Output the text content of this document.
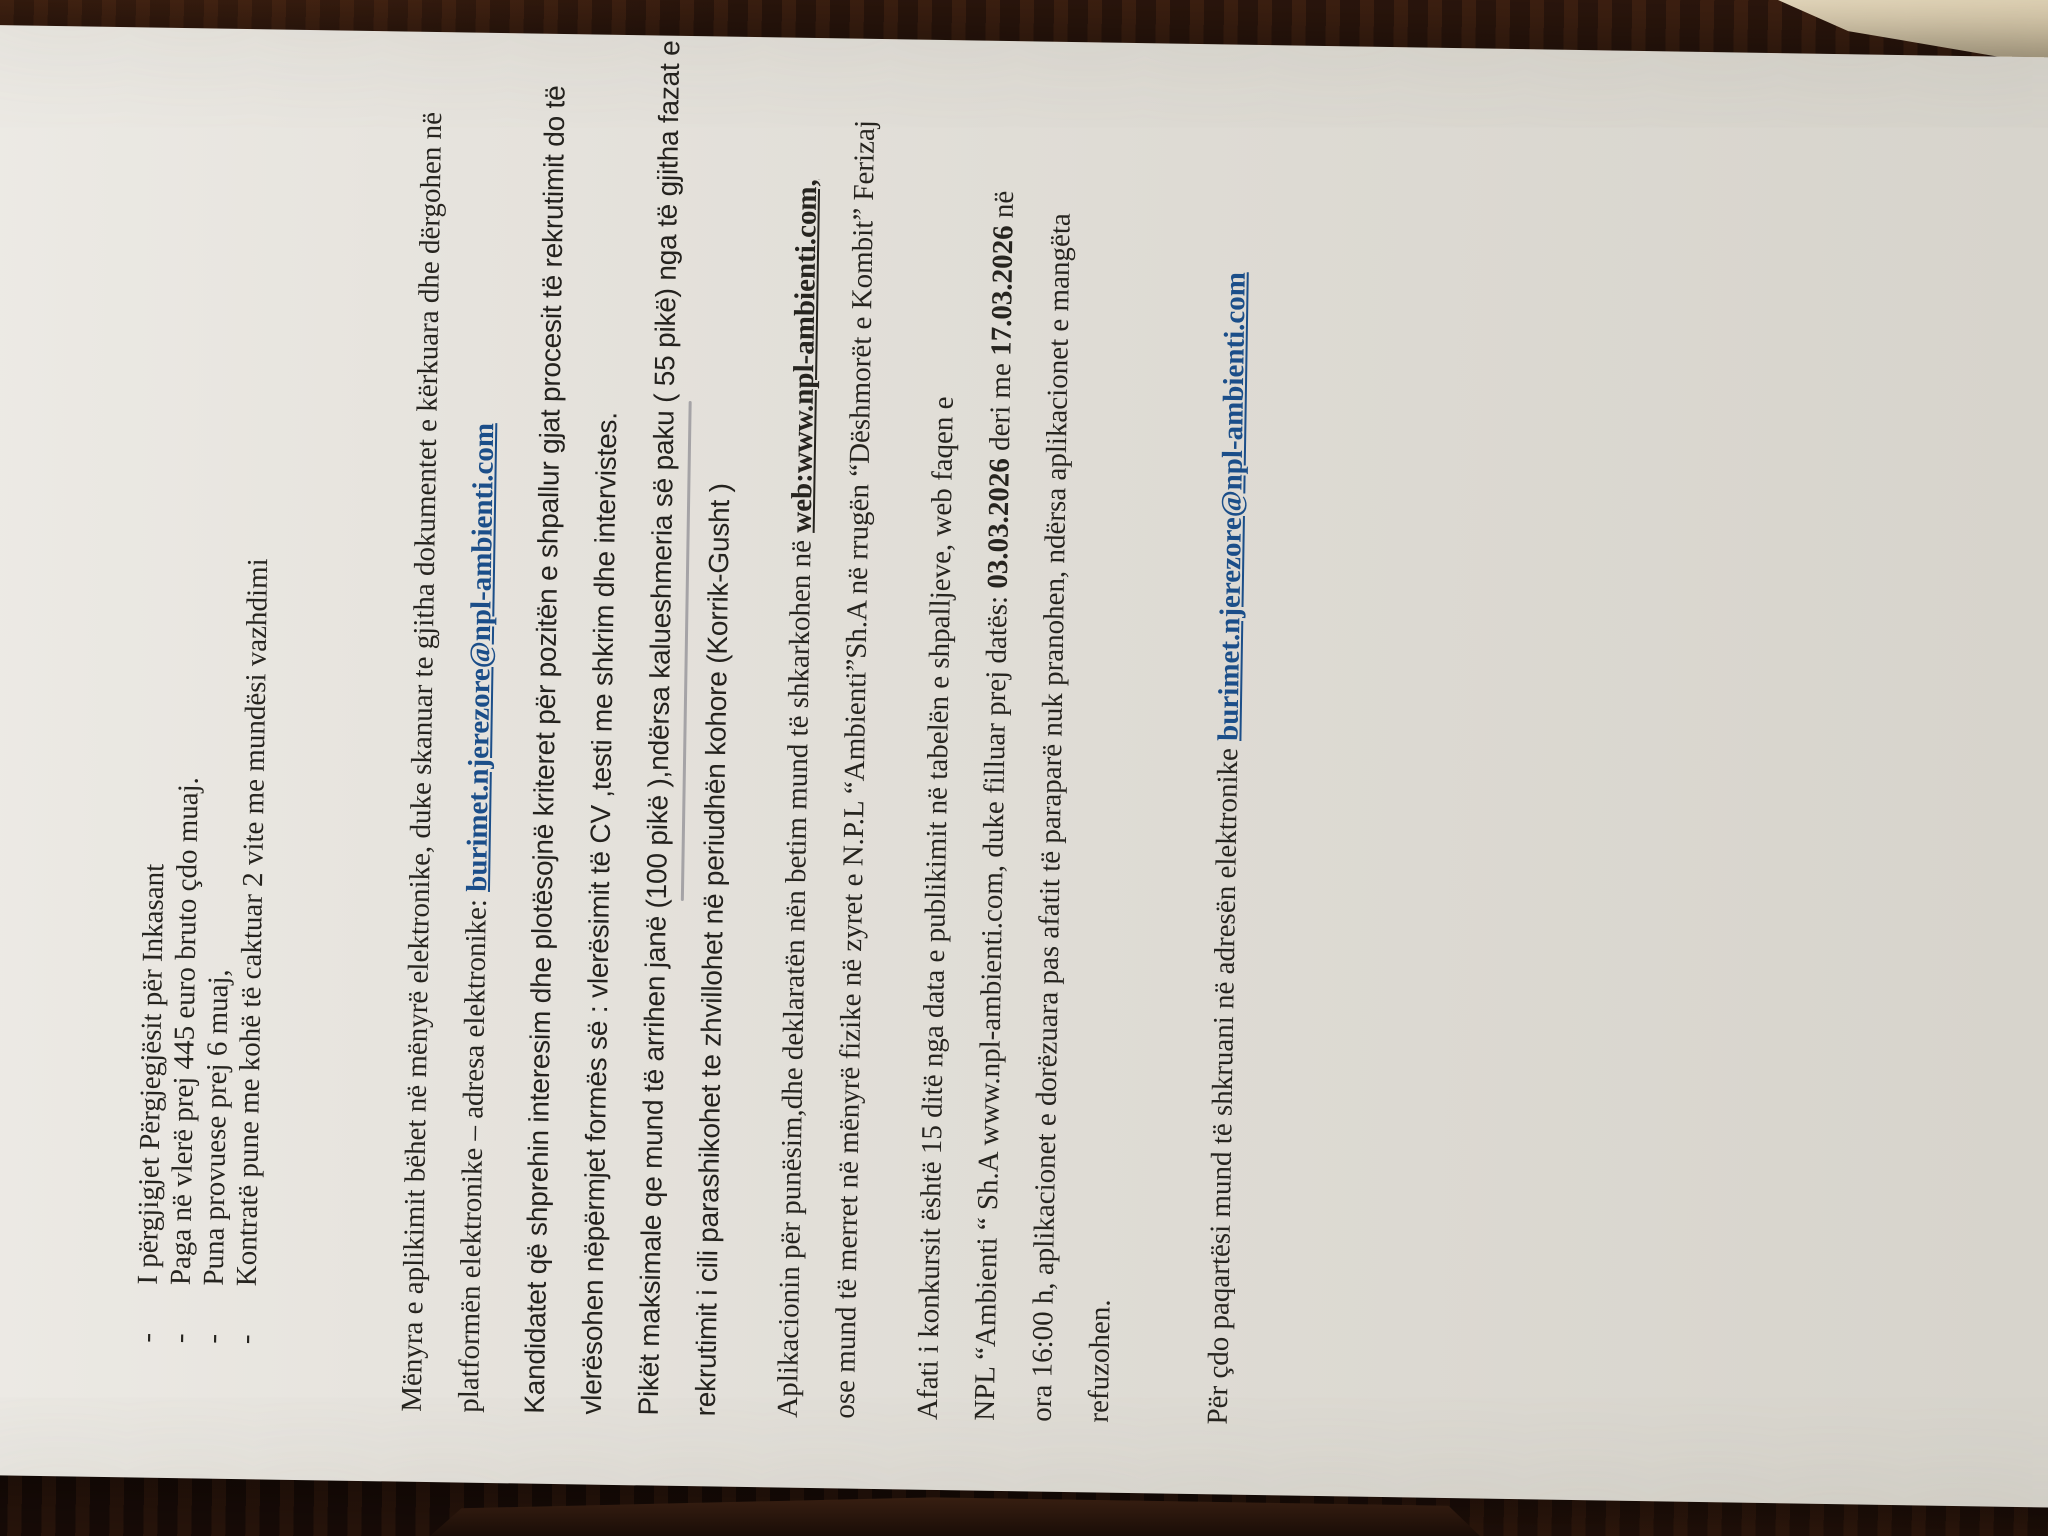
-
I përgjigjet Përgjegjësit për Inkasant
-
Paga në vlerë prej 445 euro bruto çdo muaj.
-
Puna provuese prej 6 muaj,
-
Kontratë pune me kohë të caktuar 2 vite me mundësi vazhdimi	Mënyra e aplikimit bëhet në mënyrë elektronike, duke skanuar te gjitha dokumentet e kërkuara dhe dërgohen në platformën elektronike – adresa elektronike: burimet.njerezore@npl-ambienti.com Kandidatet që shprehin interesim dhe plotësojnë kriteret për pozitën e shpallur gjat procesit të rekrutimit do të vlerësohen nëpërmjet formës së : vlerësimit të CV ,testi me shkrim dhe intervistes. Pikët maksimale qe mund të arrihen janë (100 pikë ),ndërsa kalueshmeria së paku ( 55 pikë) nga të gjitha fazat e rekrutimit i cili parashikohet te zhvillohet në periudhën kohore (Korrik-Gusht )	Aplikacionin për punësim,dhe deklaratën nën betim mund të shkarkohen në web:www.npl-ambienti.com, ose mund të merret në mënyrë fizike në zyret e N.P.L “Ambienti”Sh.A në rrugën “Dëshmorët e Kombit” Ferizaj	Afati i konkursit është 15 ditë nga data e publikimit në tabelën e shpalljeve, web faqen e NPL “Ambienti “ Sh.A www.npl-ambienti.com, duke filluar prej datës: 03.03.2026 deri me 17.03.2026 në
ora 16:00 h, aplikacionet e dorëzuara pas afatit të paraparë nuk pranohen, ndërsa aplikacionet e mangëta refuzohen.	Për çdo paqartësi mund të shkruani në adresën elektronike burimet.njerezore@npl-ambienti.com
